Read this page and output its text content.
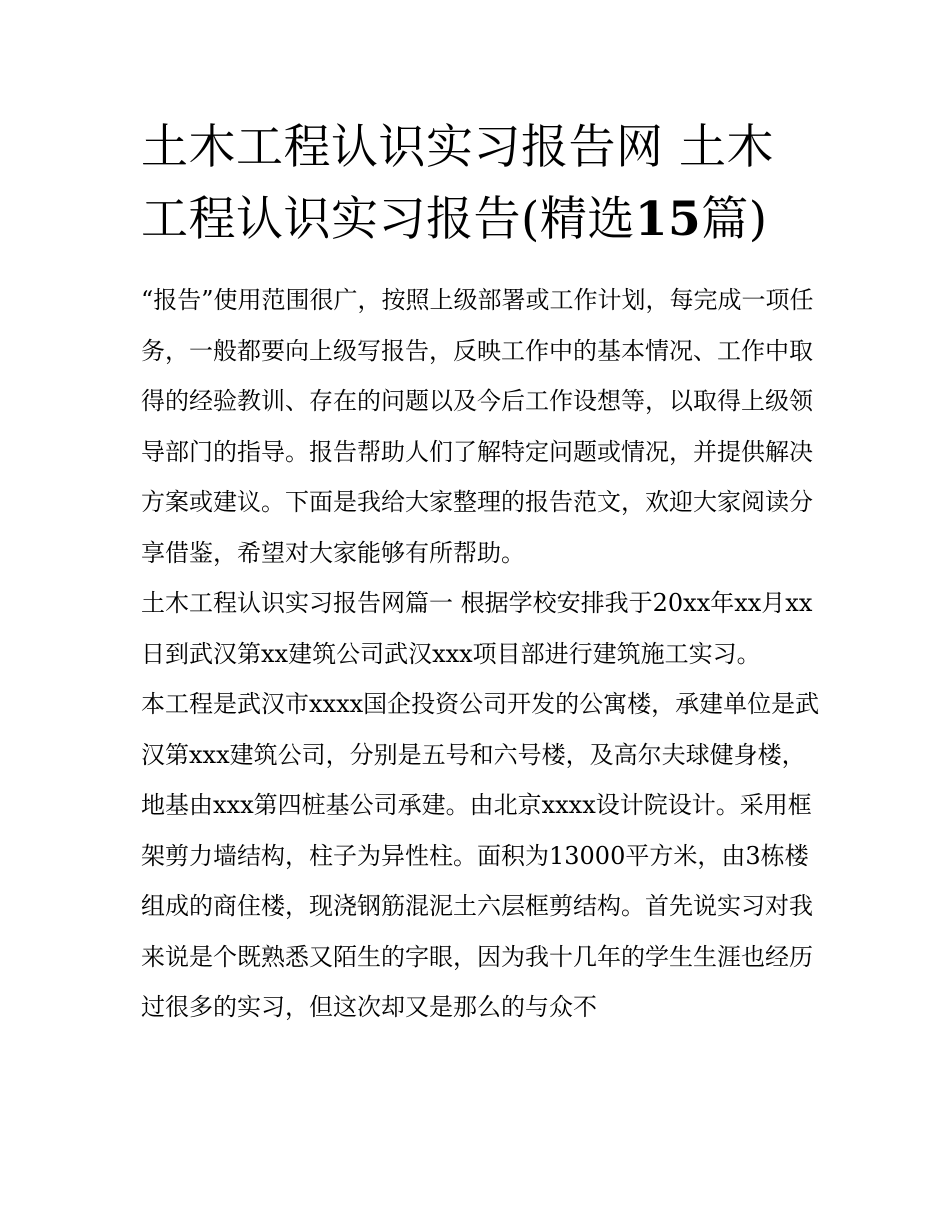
土木工程认识实习报告网 土木工程认识实习报告(精选15篇)

“报告”使用范围很广，按照上级部署或工作计划，每完成一项任务，一般都要向上级写报告，反映工作中的基本情况、工作中取得的经验教训、存在的问题以及今后工作设想等，以取得上级领导部门的指导。报告帮助人们了解特定问题或情况，并提供解决方案或建议。下面是我给大家整理的报告范文，欢迎大家阅读分享借鉴，希望对大家能够有所帮助。

土木工程认识实习报告网篇一 根据学校安排我于20xx年xx月xx日到武汉第xx建筑公司武汉xxx项目部进行建筑施工实习。

本工程是武汉市xxxx国企投资公司开发的公寓楼，承建单位是武汉第xxx建筑公司，分别是五号和六号楼，及高尔夫球健身楼，地基由xxx第四桩基公司承建。由北京xxxx设计院设计。采用框架剪力墙结构，柱子为异性柱。面积为13000平方米，由3栋楼组成的商住楼，现浇钢筋混泥土六层框剪结构。首先说实习对我来说是个既熟悉又陌生的字眼，因为我十几年的学生生涯也经历过很多的实习，但这次却又是那么的与众不
